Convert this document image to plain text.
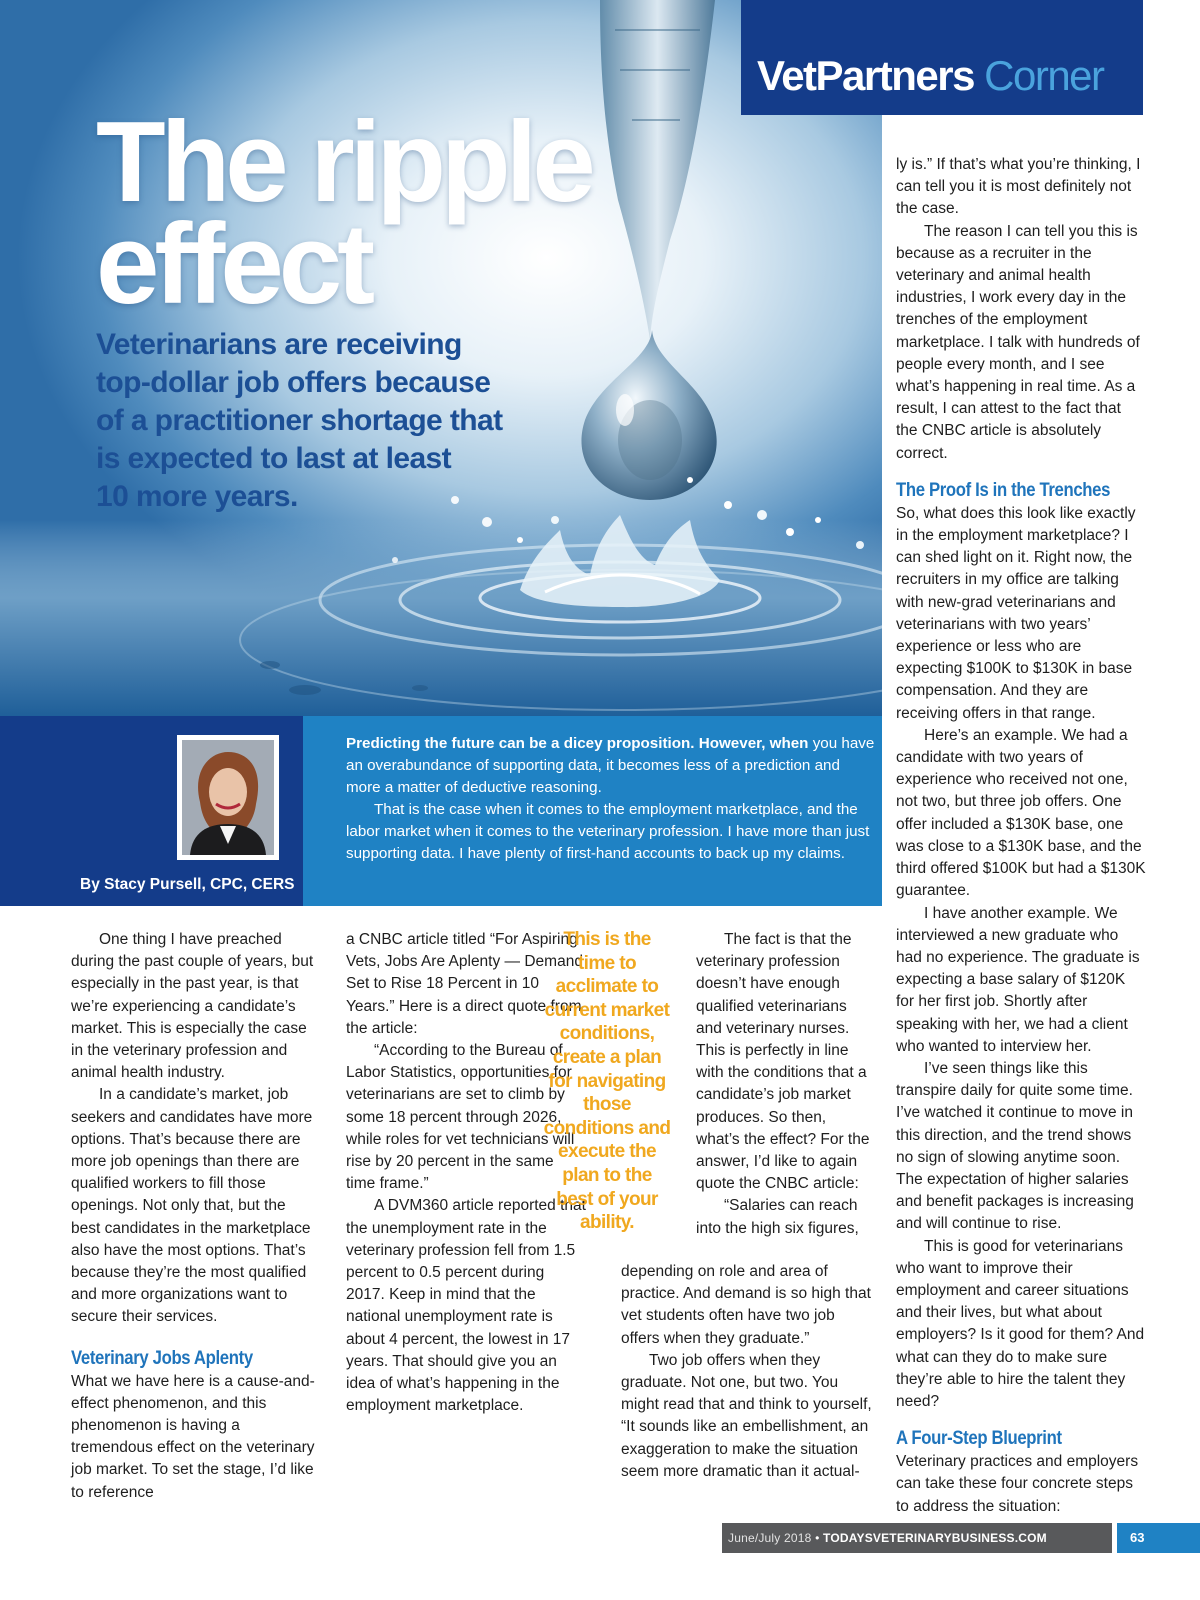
The ripple
effect
Veterinarians are receiving
top-dollar job offers because
of a practitioner shortage that
is expected to last at least
10 more years.
VetPartners Corner
By Stacy Pursell, CPC, CERS

Predicting the future can be a dicey proposition. However, when you have an overabundance of supporting data, it becomes less of a prediction and more a matter of deductive reasoning.

That is the case when it comes to the employment marketplace, and the labor market when it comes to the veterinary profession. I have more than just supporting data. I have plenty of first-hand accounts to back up my claims.

One thing I have preached during the past couple of years, but especially in the past year, is that we’re experiencing a candidate’s market. This is especially the case in the veterinary profession and animal health industry.

In a candidate’s market, job seekers and candidates have more options. That’s because there are more job openings than there are qualified workers to fill those openings. Not only that, but the best candidates in the marketplace also have the most options. That’s because they’re the most qualified and more organizations want to secure their services.

Veterinary Jobs Aplenty

What we have here is a cause-and-effect phenomenon, and this phenomenon is having a tremendous effect on the veterinary job market. To set the stage, I’d like to reference

a CNBC article titled “For Aspiring Vets, Jobs Are Aplenty — Demand Set to Rise 18 Percent in 10 Years.” Here is a direct quote from the article:

“According to the Bureau of Labor Statistics, opportunities for veterinarians are set to climb by some 18 percent through 2026, while roles for vet technicians will rise by 20 percent in the same time frame.”

A DVM360 article reported that the unemployment rate in the veterinary profession fell from 1.5 percent to 0.5 percent during 2017. Keep in mind that the national unemployment rate is about 4 percent, the lowest in 17 years. That should give you an idea of what’s happening in the employment marketplace.

This is the
time to
acclimate to
current market
conditions,
create a plan
for navigating
those
conditions and
execute the
plan to the
best of your
ability.

The fact is that the veterinary profession doesn’t have enough qualified veterinarians and veterinary nurses. This is perfectly in line with the conditions that a candidate’s job market produces. So then, what’s the effect? For the answer, I’d like to again quote the CNBC article:

“Salaries can reach into the high six figures,

depending on role and area of practice. And demand is so high that vet students often have two job offers when they graduate.”

Two job offers when they graduate. Not one, but two. You might read that and think to yourself, “It sounds like an embellishment, an exaggeration to make the situation seem more dramatic than it actual-

ly is.” If that’s what you’re thinking, I can tell you it is most definitely not the case.

The reason I can tell you this is because as a recruiter in the veterinary and animal health industries, I work every day in the trenches of the employment marketplace. I talk with hundreds of people every month, and I see what’s happening in real time. As a result, I can attest to the fact that the CNBC article is absolutely correct.

The Proof Is in the Trenches

So, what does this look like exactly in the employment marketplace? I can shed light on it. Right now, the recruiters in my office are talking with new-grad veterinarians and veterinarians with two years’ experience or less who are expecting $100K to $130K in base compensation. And they are receiving offers in that range.

Here’s an example. We had a candidate with two years of experience who received not one, not two, but three job offers. One offer included a $130K base, one was close to a $130K base, and the third offered $100K but had a $130K guarantee.

I have another example. We interviewed a new graduate who had no experience. The graduate is expecting a base salary of $120K for her first job. Shortly after speaking with her, we had a client who wanted to interview her.

I’ve seen things like this transpire daily for quite some time. I’ve watched it continue to move in this direction, and the trend shows no sign of slowing anytime soon. The expectation of higher salaries and benefit packages is increasing and will continue to rise.

This is good for veterinarians who want to improve their employment and career situations and their lives, but what about employers? Is it good for them? And what can they do to make sure they’re able to hire the talent they need?

A Four-Step Blueprint

Veterinary practices and employers can take these four concrete steps to address the situation:

June/July 2018 • TODAYSVETERINARYBUSINESS.COM	63
